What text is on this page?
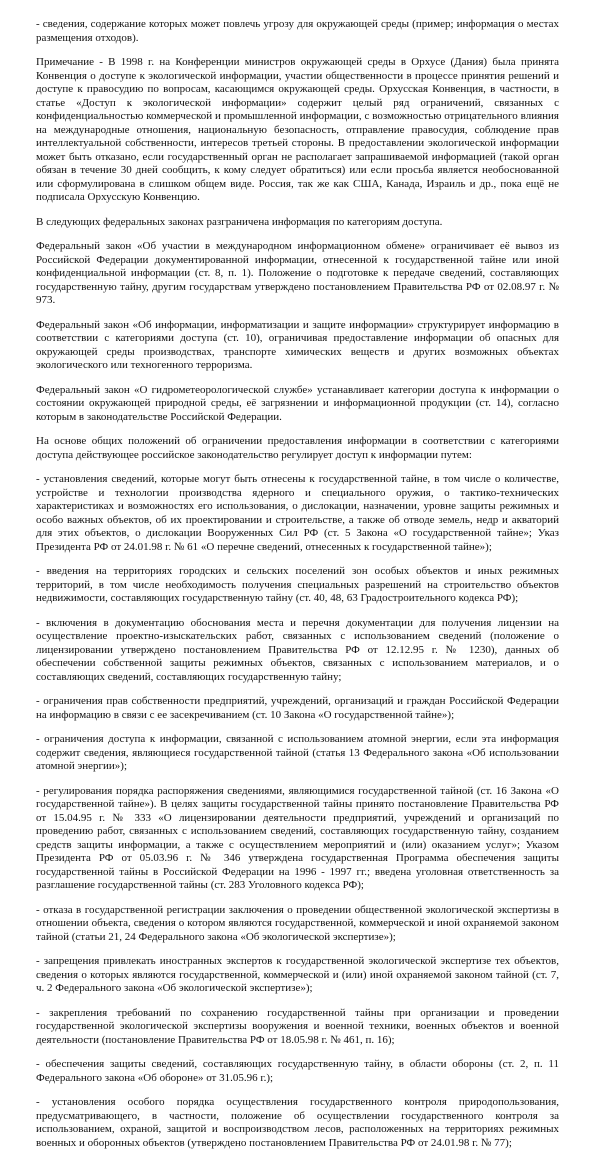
- сведения, содержание которых может повлечь угрозу для окружающей среды (пример; информация о местах размещения отходов).

Примечание - В 1998 г. на Конференции министров окружающей среды в Орхусе (Дания) была принята Конвенция о доступе к экологической информации, участии общественности в процессе принятия решений и доступе к правосудию по вопросам, касающимся окружающей среды. Орхусская Конвенция, в частности, в статье «Доступ к экологической информации» содержит целый ряд ограничений, связанных с конфиденциальностью коммерческой и промышленной информации, с возможностью отрицательного влияния на международные отношения, национальную безопасность, отправление правосудия, соблюдение прав интеллектуальной собственности, интересов третьей стороны. В предоставлении экологической информации может быть отказано, если государственный орган не располагает запрашиваемой информацией (такой орган обязан в течение 30 дней сообщить, к кому следует обратиться) или если просьба является необоснованной или сформулирована в слишком общем виде. Россия, так же как США, Канада, Израиль и др., пока ещё не подписала Орхусскую Конвенцию.

В следующих федеральных законах разграничена информация по категориям доступа.

Федеральный закон «Об участии в международном информационном обмене» ограничивает её вывоз из Российской Федерации документированной информации, отнесенной к государственной тайне или иной конфиденциальной информации (ст. 8, п. 1). Положение о подготовке к передаче сведений, составляющих государственную тайну, другим государствам утверждено постановлением Правительства РФ от 02.08.97 г. № 973.

Федеральный закон «Об информации, информатизации и защите информации» структурирует информацию в соответствии с категориями доступа (ст. 10), ограничивая предоставление информации об опасных для окружающей среды производствах, транспорте химических веществ и других возможных объектах экологического или техногенного терроризма.

Федеральный закон «О гидрометеорологической службе» устанавливает категории доступа к информации о состоянии окружающей природной среды, её загрязнении и информационной продукции (ст. 14), согласно которым в законодательстве Российской Федерации.

На основе общих положений об ограничении предоставления информации в соответствии с категориями доступа действующее российское законодательство регулирует доступ к информации путем:

- установления сведений, которые могут быть отнесены к государственной тайне, в том числе о количестве, устройстве и технологии производства ядерного и специального оружия, о тактико-технических характеристиках и возможностях его использования, о дислокации, назначении, уровне защиты режимных и особо важных объектов, об их проектировании и строительстве, а также об отводе земель, недр и акваторий для этих объектов, о дислокации Вооруженных Сил РФ (ст. 5 Закона «О государственной тайне»; Указ Президента РФ от 24.01.98 г. № 61 «О перечне сведений, отнесенных к государственной тайне»);

- введения на территориях городских и сельских поселений зон особых объектов и иных режимных территорий, в том числе необходимость получения специальных разрешений на строительство объектов недвижимости, составляющих государственную тайну (ст. 40, 48, 63 Градостроительного кодекса РФ);

- включения в документацию обоснования места и перечня документации для получения лицензии на осуществление проектно-изыскательских работ, связанных с использованием сведений (положение о лицензировании утверждено постановлением Правительства РФ от 12.12.95 г. № 1230), данных об обеспечении собственной защиты режимных объектов, связанных с использованием материалов, и о составляющих сведений, составляющих государственную тайну;

- ограничения прав собственности предприятий, учреждений, организаций и граждан Российской Федерации на информацию в связи с ее засекречиванием (ст. 10 Закона «О государственной тайне»);

- ограничения доступа к информации, связанной с использованием атомной энергии, если эта информация содержит сведения, являющиеся государственной тайной (статья 13 Федерального закона «Об использовании атомной энергии»);

- регулирования порядка распоряжения сведениями, являющимися государственной тайной (ст. 16 Закона «О государственной тайне»). В целях защиты государственной тайны принято постановление Правительства РФ от 15.04.95 г. № 333 «О лицензировании деятельности предприятий, учреждений и организаций по проведению работ, связанных с использованием сведений, составляющих государственную тайну, созданием средств защиты информации, а также с осуществлением мероприятий и (или) оказанием услуг»; Указом Президента РФ от 05.03.96 г. № 346 утверждена государственная Программа обеспечения защиты государственной тайны в Российской Федерации на 1996 - 1997 гг.; введена уголовная ответственность за разглашение государственной тайны (ст. 283 Уголовного кодекса РФ);

- отказа в государственной регистрации заключения о проведении общественной экологической экспертизы в отношении объекта, сведения о котором являются государственной, коммерческой и иной охраняемой законом тайной (статьи 21, 24 Федерального закона «Об экологической экспертизе»);

- запрещения привлекать иностранных экспертов к государственной экологической экспертизе тех объектов, сведения о которых являются государственной, коммерческой и (или) иной охраняемой законом тайной (ст. 7, ч. 2 Федерального закона «Об экологической экспертизе»);

- закрепления требований по сохранению государственной тайны при организации и проведении государственной экологической экспертизы вооружения и военной техники, военных объектов и военной деятельности (постановление Правительства РФ от 18.05.98 г. № 461, п. 16);

- обеспечения защиты сведений, составляющих государственную тайну, в области обороны (ст. 2, п. 11 Федерального закона «Об обороне» от 31.05.96 г.);

- установления особого порядка осуществления государственного контроля природопользования, предусматривающего, в частности, положение об осуществлении государственного контроля за использованием, охраной, защитой и воспроизводством лесов, расположенных на территориях режимных военных и оборонных объектов (утверждено постановлением Правительства РФ от 24.01.98 г. № 77);
